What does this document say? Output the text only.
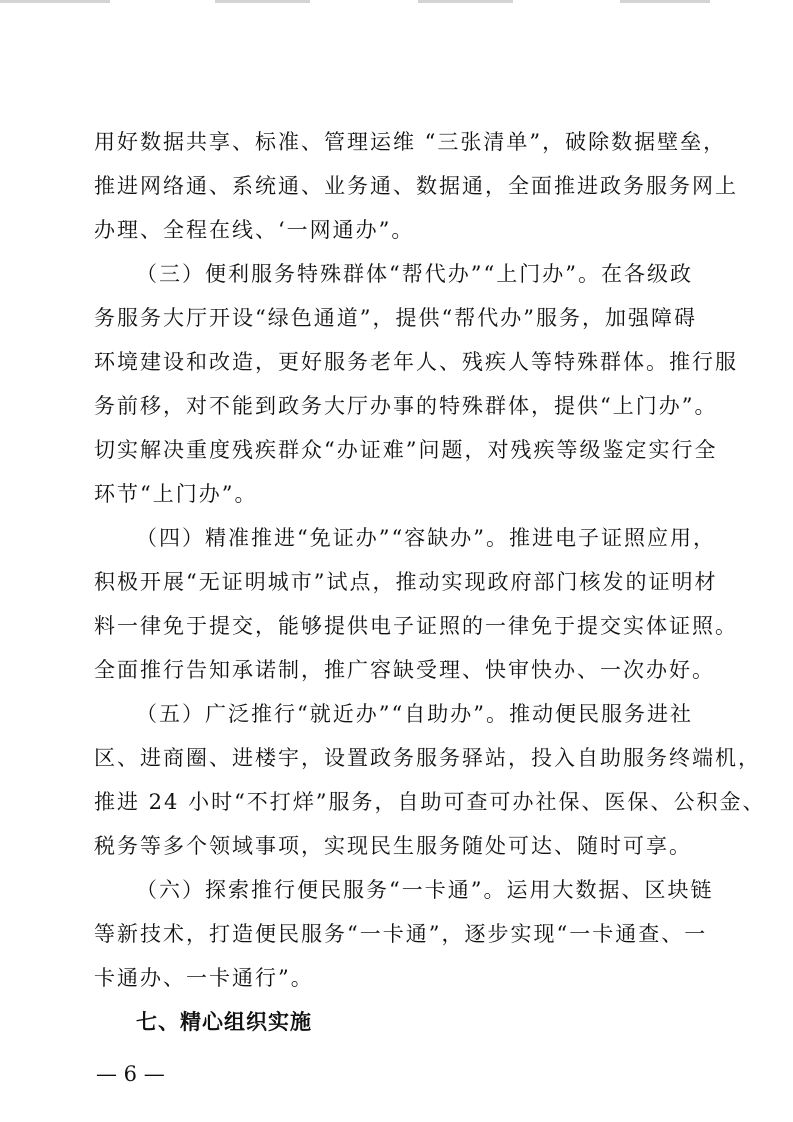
用好数据共享、标准、管理运维 “三张清单”，破除数据壁垒，
推进网络通、系统通、业务通、数据通，全面推进政务服务网上
办理、全程在线、‘一网通办”。
（三）便利服务特殊群体“帮代办”“上门办”。在各级政
务服务大厅开设“绿色通道”，提供“帮代办”服务，加强障碍
环境建设和改造，更好服务老年人、残疾人等特殊群体。推行服
务前移，对不能到政务大厅办事的特殊群体，提供“上门办”。
切实解决重度残疾群众“办证难”问题，对残疾等级鉴定实行全
环节“上门办”。
（四）精准推进“免证办”“容缺办”。推进电子证照应用，
积极开展“无证明城市”试点，推动实现政府部门核发的证明材
料一律免于提交，能够提供电子证照的一律免于提交实体证照。
全面推行告知承诺制，推广容缺受理、快审快办、一次办好。
（五）广泛推行“就近办”“自助办”。推动便民服务进社
区、进商圈、进楼宇，设置政务服务驿站，投入自助服务终端机，
推进 24 小时“不打烊”服务，自助可查可办社保、医保、公积金、
税务等多个领域事项，实现民生服务随处可达、随时可享。
（六）探索推行便民服务“一卡通”。运用大数据、区块链
等新技术，打造便民服务“一卡通”，逐步实现“一卡通查、一
卡通办、一卡通行”。
七、精心组织实施
— 6 —
